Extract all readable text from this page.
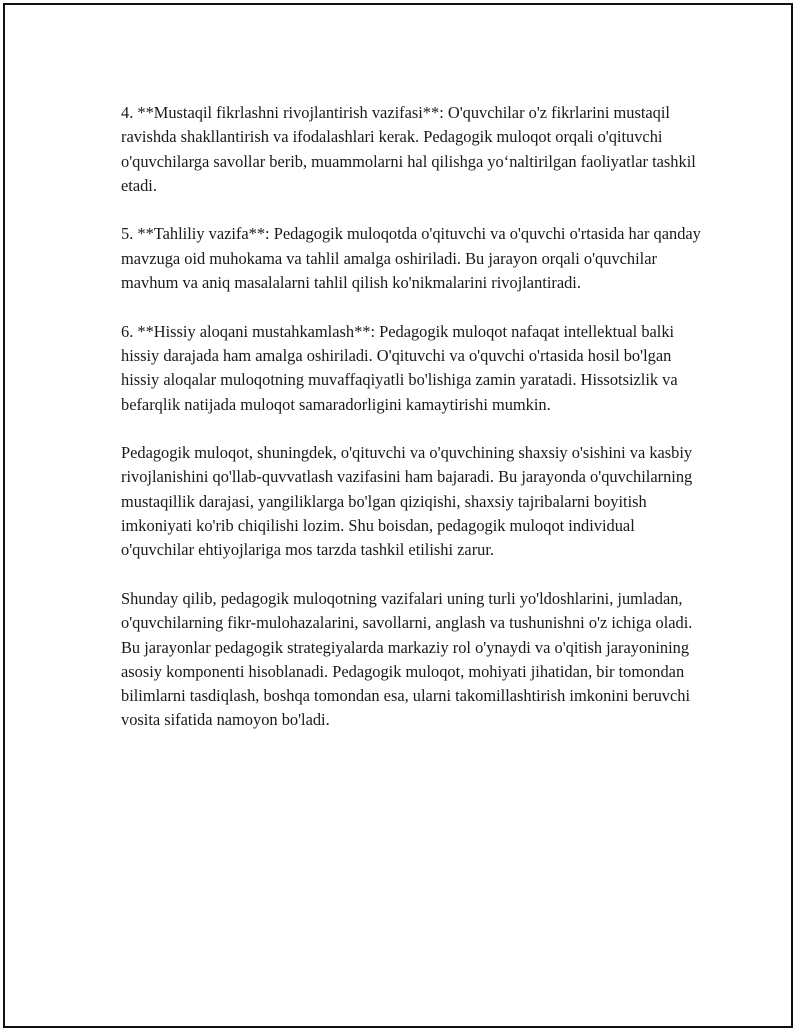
4. **Mustaqil fikrlashni rivojlantirish vazifasi**: O'quvchilar o'z fikrlarini mustaqil ravishda shakllantirish va ifodalashlari kerak. Pedagogik muloqot orqali o'qituvchi o'quvchilarga savollar berib, muammolarni hal qilishga yo‘naltirilgan faoliyatlar tashkil etadi.

5. **Tahliliy vazifa**: Pedagogik muloqotda o'qituvchi va o'quvchi o'rtasida har qanday mavzuga oid muhokama va tahlil amalga oshiriladi. Bu jarayon orqali o'quvchilar mavhum va aniq masalalarni tahlil qilish ko'nikmalarini rivojlantiradi.

6. **Hissiy aloqani mustahkamlash**: Pedagogik muloqot nafaqat intellektual balki hissiy darajada ham amalga oshiriladi. O'qituvchi va o'quvchi o'rtasida hosil bo'lgan hissiy aloqalar muloqotning muvaffaqiyatli bo'lishiga zamin yaratadi. Hissotsizlik va befarqlik natijada muloqot samaradorligini kamaytirishi mumkin.

Pedagogik muloqot, shuningdek, o'qituvchi va o'quvchining shaxsiy o'sishini va kasbiy rivojlanishini qo'llab-quvvatlash vazifasini ham bajaradi. Bu jarayonda o'quvchilarning mustaqillik darajasi, yangiliklarga bo'lgan qiziqishi, shaxsiy tajribalarni boyitish imkoniyati ko'rib chiqilishi lozim. Shu boisdan, pedagogik muloqot individual o'quvchilar ehtiyojlariga mos tarzda tashkil etilishi zarur.

Shunday qilib, pedagogik muloqotning vazifalari uning turli yo'ldoshlarini, jumladan, o'quvchilarning fikr-mulohazalarini, savollarni, anglash va tushunishni o'z ichiga oladi. Bu jarayonlar pedagogik strategiyalarda markaziy rol o'ynaydi va o'qitish jarayonining asosiy komponenti hisoblanadi. Pedagogik muloqot, mohiyati jihatidan, bir tomondan bilimlarni tasdiqlash, boshqa tomondan esa, ularni takomillashtirish imkonini beruvchi vosita sifatida namoyon bo'ladi.
